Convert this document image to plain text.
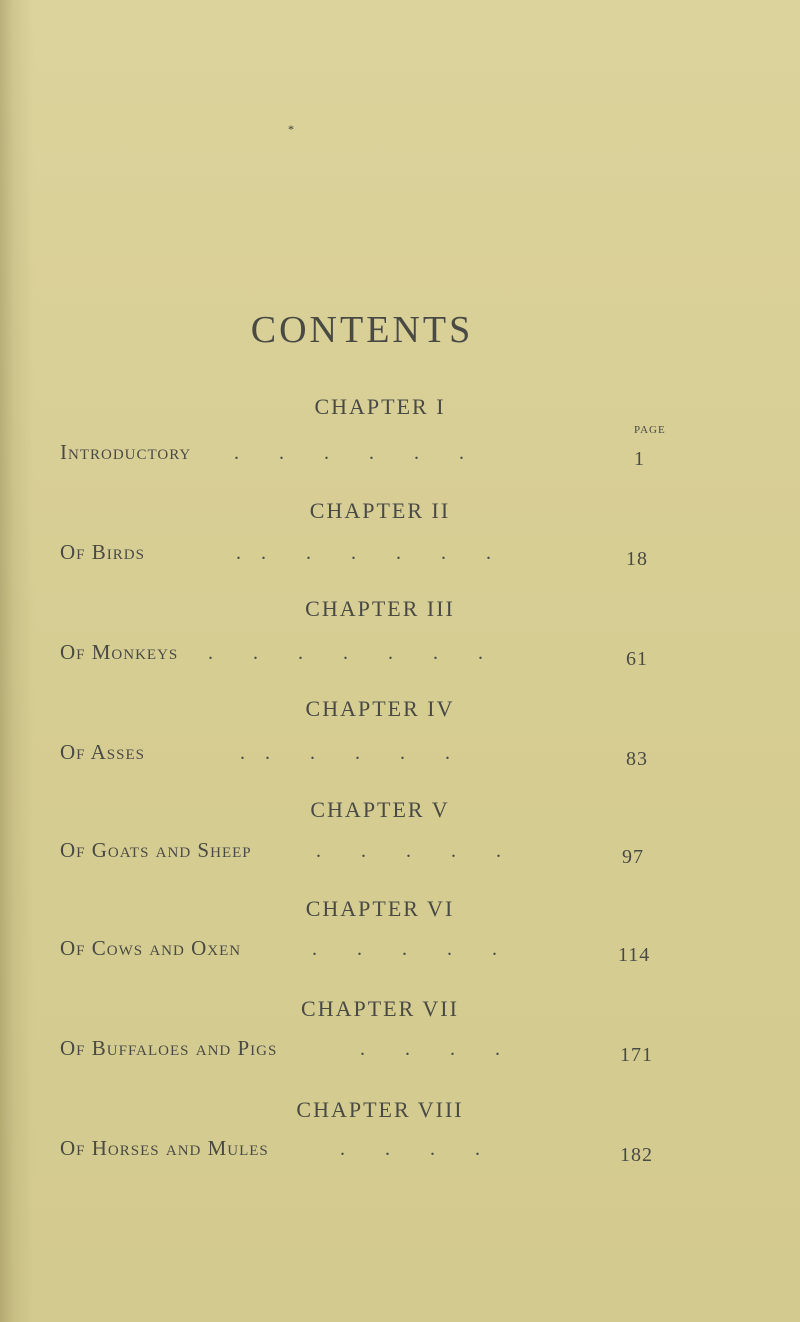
*
CONTENTS
PAGE
CHAPTER I
Introductory .  .  .  .  .  .	1
CHAPTER II
Of Birds	. .  .  .  .  .  .	18
CHAPTER III
Of Monkeys .  .  .  .  .  .  .	61
CHAPTER IV
Of Asses	. .  .  .  .  .	83
CHAPTER V
Of Goats and Sheep	.  .  .  .  .	97
CHAPTER VI
Of Cows and Oxen	.  .  .  .  .	114
CHAPTER VII
Of Buffaloes and Pigs	.  .  .  .	171
CHAPTER VIII
Of Horses and Mules	.  .  .  .	182
